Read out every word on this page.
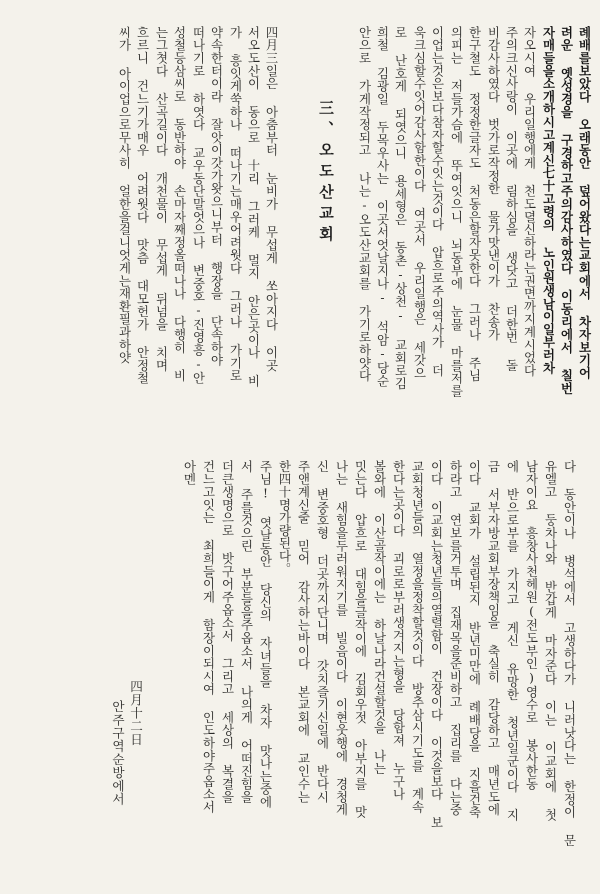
례배를보았다 오래동안 덮어왔다는교회에서 차자보기어
려운 옛성경을 구경하고주의감사하였다 이동리에서 칠번
자매들을소개하시고계신七十고령의 노인원생남이일부러차
자오시여 우리일행에게 천도뎔신하라는권면까지계시었다
주의크신사랑이 이곳에 림하심을 생닷고 더한번 돌
비감사하였다 벗가로작정한 물가맛낸이가 찬송가
한구쳘도 정정한글자도 처동은할자못한다 그러나 주님
의피는 저들가슴에 뚜여잇으니 뇌동부에 눈물 마를저를
이업는것은보다참자할수잇는것이다 압흐로주의역사가 더
욱크심할수잇어감사함한이다 여곳서 우리일행은 세갓으
로 난호게 되엿으니 용세형은 동촌-상천- 교회로김
희철 김광일 두목우사는 이곳서엇날지나- 석암-당순
안으로 가게작정되고 나는-오도산교회를 가기로하얏다
三、오도산교회
四月三일은 아춤부터 눈비가 무섭게 쏘아지다 이곳
서오도산이 동으로 十리 그러케 멀지 안은곳이나 비
가 흥잇게쑥하나 떠나기는매우어려웟다 그러나 가기로
약속한터이라 잘앗이갓가왓으니부터 행장을 단속하야
떠나기로 하엿다 교우동단말엇으나 변중호-진영흥-안
성철등삼씨로 동반하야 손마자째정올떠나나 다행히 비
는그쳣다 산곡길이다 개천물이 무섭게 뒤넘을 치며
흐르니 건느기가매우 어려웟다 맛츰 대모헌가 안정철
씨가 아이업으로무사히 얼한을걸니엇게는재환필과하얏
다 동안이나 병석에서 고생하다가 니러낫다는 한정이 문
유엘고 둥차나와 반갑게 마자준다 이는 이교회에 첫
남자이요 흥창사천헤원(전도부인)영수로 봉사한동
에 반으로부를 가지고 게신 유망한 청년일군이다 지
금 서부자방교회부장책임을 축실히 감당하고 매년도에
이다 교회가 설립된지 반년미만에 례배당을 지흘건축
하라고 연보를거투며 집재목을준비하고 집리를 다는중
이다 이교회는청년들의열렬함이 건장이다 이것을보다 보
교회청년들의 열정을정착할것이다 방추삼시기도를 계속
한다는곳이다 괴로로부러생겨지는형을 당함져 누구나
볼와에 이산골작이에는 하날나라건설할것을 나는
밋는다 압흐로 대힘을글작이에 김회우젓 아부지를 맛
나는 새힘을두러워지기를 빌음이다 이현웃행에 경청게
신 변중호형 더곳까지단니며 갓치즐기신일에 반다시
주앤계신줄 믿어 감사하는바이다 본교회에 교인수는
한四十명가량된다。
주님! 엿날동안 당신의 자녀들을 차자 맛나는중에
서 주를것으린 부분들을주옵소서 나의게 어떠진힘을
더큰생명으로 밧구어주옵소서 그리고 세상의 복결을
건느고잇는 최희들이게 함장이되시여 인도하야주옵소서
아멘
四月十二日
안주구역순방에서
